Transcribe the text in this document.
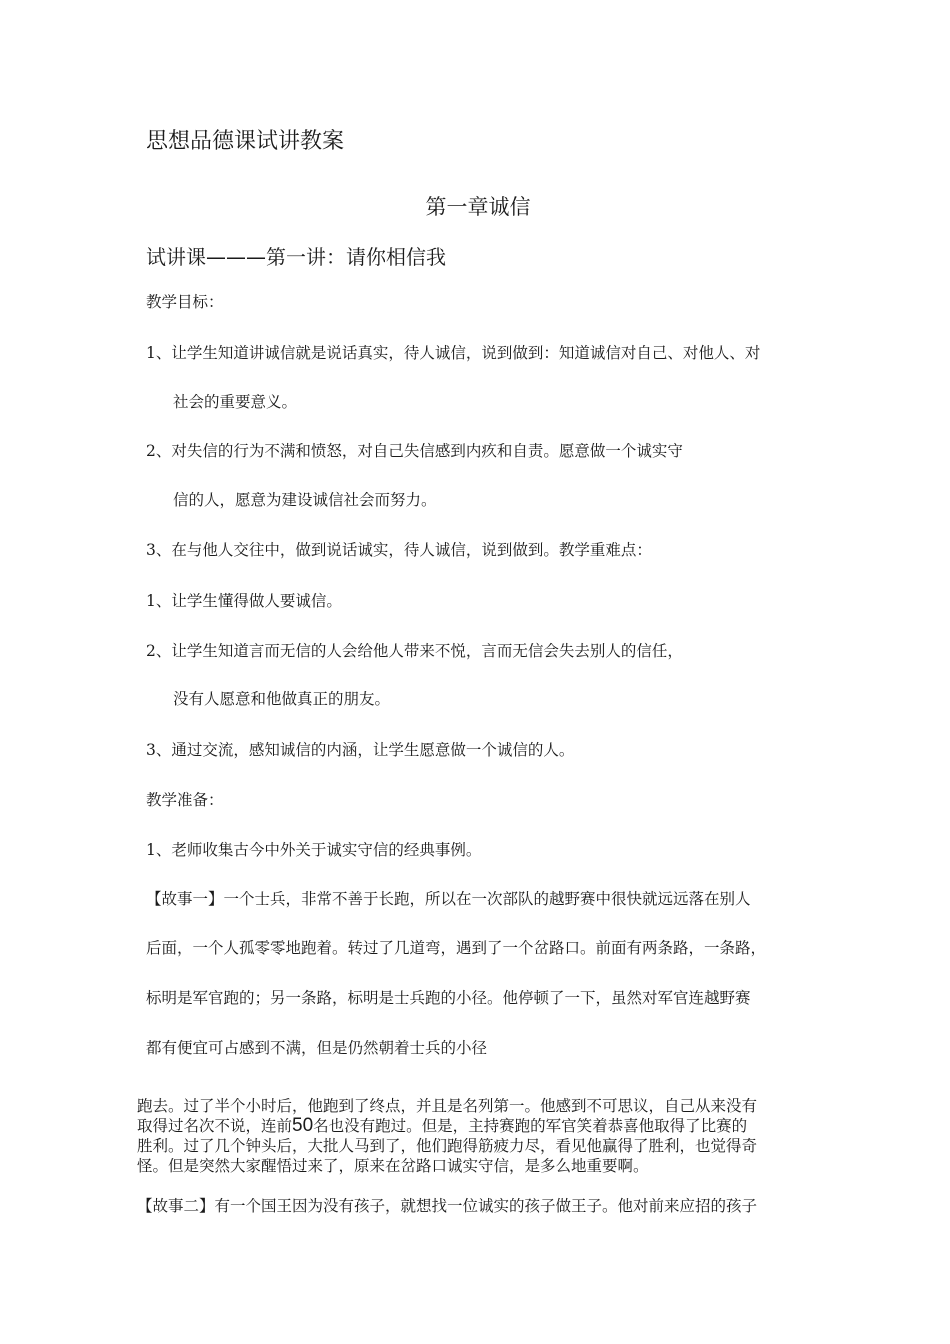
思想品德课试讲教案
第一章诚信
试讲课———第一讲：请你相信我
教学目标：
1、让学生知道讲诚信就是说话真实，待人诚信，说到做到：知道诚信对自己、对他人、对
社会的重要意义。
2、对失信的行为不满和愤怒，对自己失信感到内疚和自责。愿意做一个诚实守
信的人，愿意为建设诚信社会而努力。
3、在与他人交往中，做到说话诚实，待人诚信，说到做到。教学重难点：
1、让学生懂得做人要诚信。
2、让学生知道言而无信的人会给他人带来不悦，言而无信会失去别人的信任，
没有人愿意和他做真正的朋友。
3、通过交流，感知诚信的内涵，让学生愿意做一个诚信的人。
教学准备：
1、老师收集古今中外关于诚实守信的经典事例。
【故事一】一个士兵，非常不善于长跑，所以在一次部队的越野赛中很快就远远落在别人
后面，一个人孤零零地跑着。转过了几道弯，遇到了一个岔路口。前面有两条路，一条路，
标明是军官跑的；另一条路，标明是士兵跑的小径。他停顿了一下，虽然对军官连越野赛
都有便宜可占感到不满，但是仍然朝着士兵的小径
跑去。过了半个小时后，他跑到了终点，并且是名列第一。他感到不可思议，自己从来没有
取得过名次不说，连前50名也没有跑过。但是，主持赛跑的军官笑着恭喜他取得了比赛的
胜利。过了几个钟头后，大批人马到了，他们跑得筋疲力尽，看见他赢得了胜利，也觉得奇
怪。但是突然大家醒悟过来了，原来在岔路口诚实守信，是多么地重要啊。
【故事二】有一个国王因为没有孩子，就想找一位诚实的孩子做王子。他对前来应招的孩子
